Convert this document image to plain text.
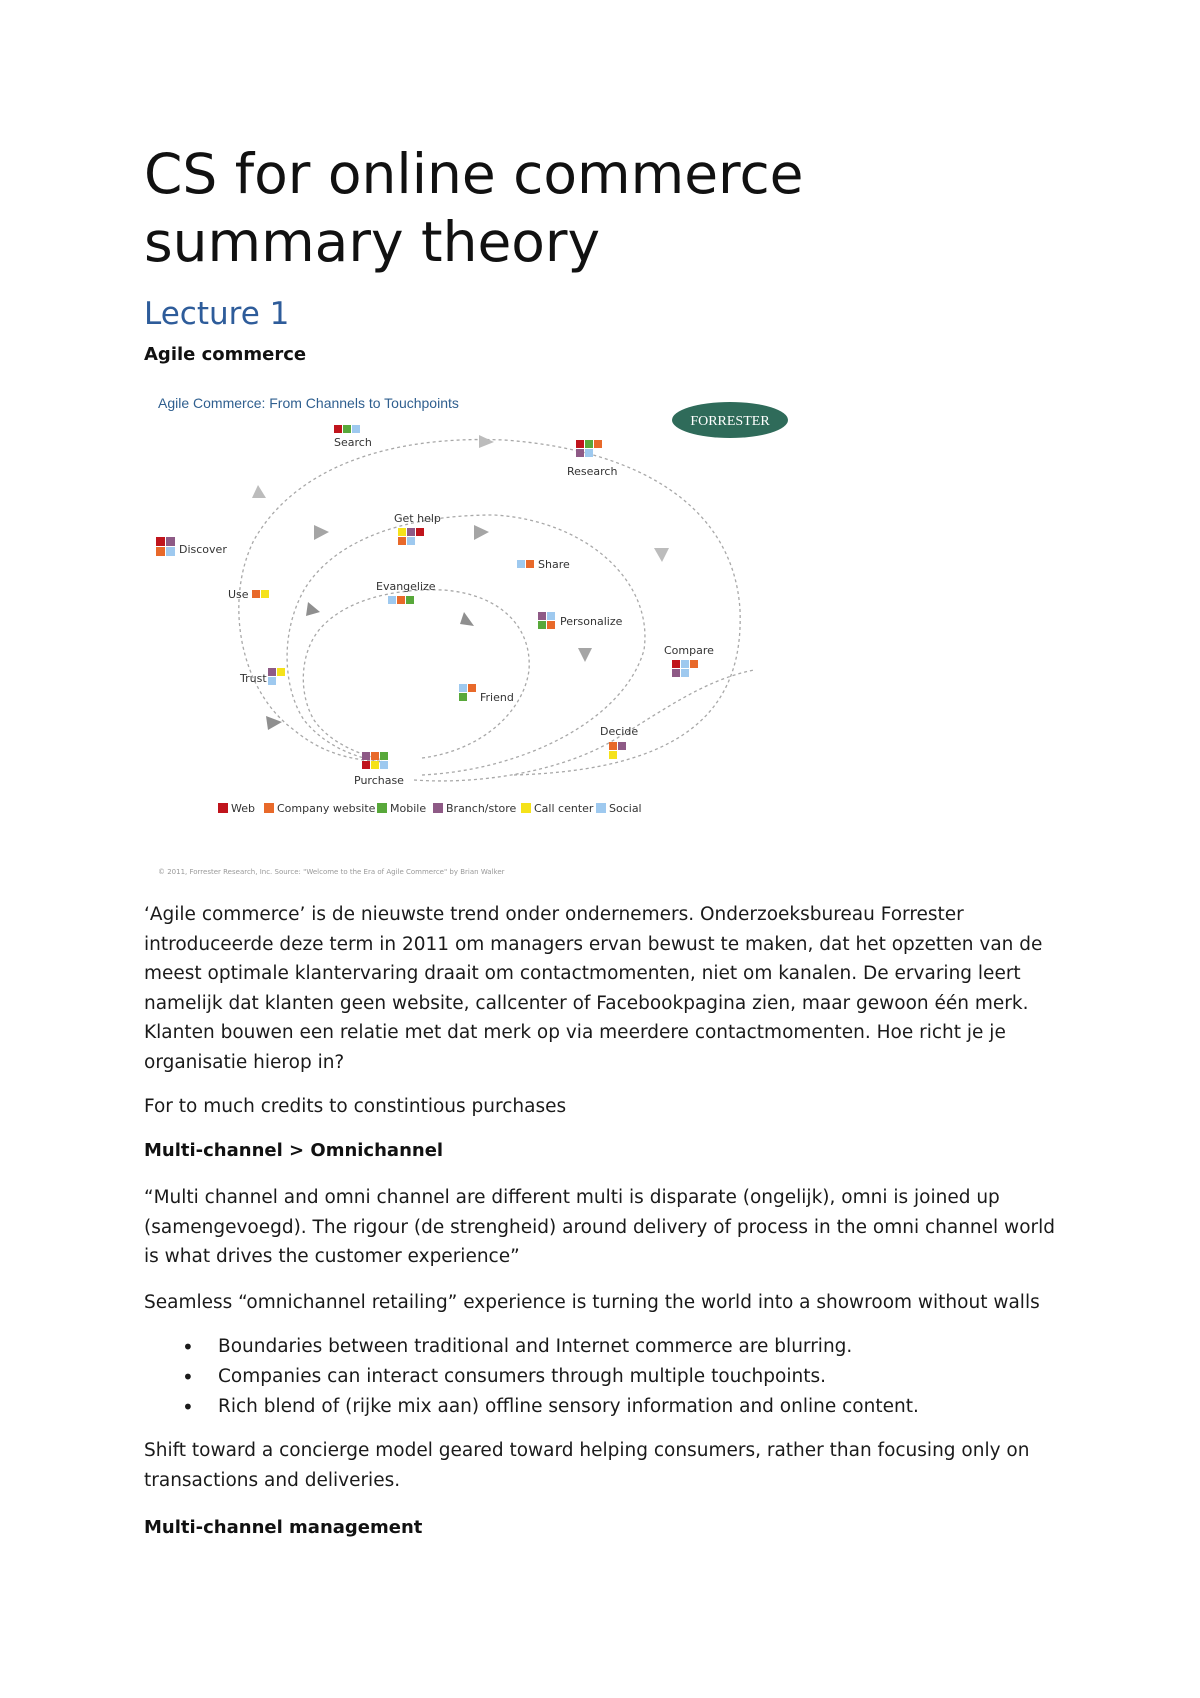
CS for online commerce
summary theory
Lecture 1
Agile commerce
Agile Commerce: From Channels to Touchpoints
FORRESTER
Search
Research
Discover
Get help
Share
Use
Evangelize
Personalize
Compare
Trust
Friend
Decide
Purchase
Web Company website Mobile Branch/store Call center Social
© 2011, Forrester Research, Inc. Source: "Welcome to the Era of Agile Commerce" by Brian Walker

‘Agile commerce’ is de nieuwste trend onder ondernemers. Onderzoeksbureau Forrester introduceerde deze term in 2011 om managers ervan bewust te maken, dat het opzetten van de meest optimale klantervaring draait om contactmomenten, niet om kanalen. De ervaring leert namelijk dat klanten geen website, callcenter of Facebookpagina zien, maar gewoon één merk. Klanten bouwen een relatie met dat merk op via meerdere contactmomenten. Hoe richt je je organisatie hierop in?

For to much credits to constintious purchases

Multi-channel > Omnichannel

“Multi channel and omni channel are different multi is disparate (ongelijk), omni is joined up (samengevoegd). The rigour (de strengheid) around delivery of process in the omni channel world is what drives the customer experience”

Seamless “omnichannel retailing” experience is turning the world into a showroom without walls

• Boundaries between traditional and Internet commerce are blurring.
• Companies can interact consumers through multiple touchpoints.
• Rich blend of (rijke mix aan) offline sensory information and online content.

Shift toward a concierge model geared toward helping consumers, rather than focusing only on transactions and deliveries.

Multi-channel management
